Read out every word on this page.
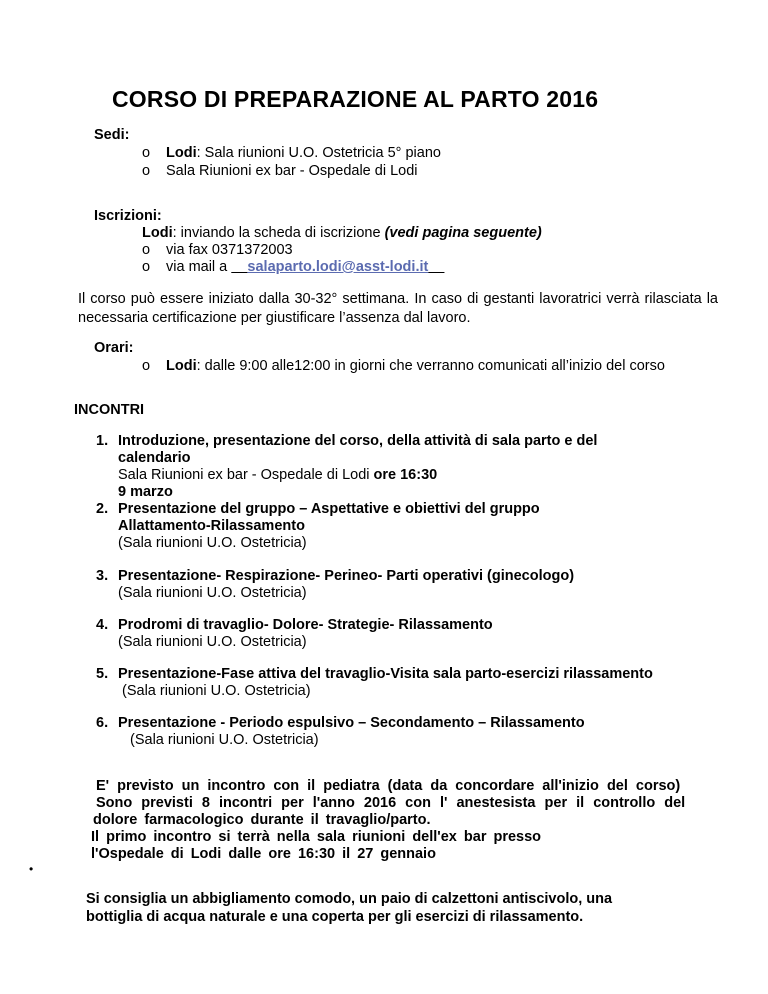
CORSO DI PREPARAZIONE AL PARTO 2016
Sedi:
o Lodi: Sala riunioni U.O. Ostetricia 5° piano
o Sala Riunioni ex bar - Ospedale di Lodi
Iscrizioni:
Lodi: inviando la scheda di iscrizione (vedi pagina seguente)
o via fax 0371372003
o via mail a     salaparto.lodi@asst-lodi.it
Il corso può essere iniziato dalla 30-32° settimana. In caso di gestanti lavoratrici verrà rilasciata la necessaria certificazione per giustificare l’assenza dal lavoro.
Orari:
o Lodi: dalle 9:00 alle12:00 in giorni che verranno comunicati all’inizio del corso
INCONTRI
1. Introduzione, presentazione del corso, della attività di sala parto e del
calendario
Sala Riunioni ex bar - Ospedale di Lodi ore 16:30
9 marzo
2. Presentazione del gruppo – Aspettative e obiettivi del gruppo
Allattamento-Rilassamento
(Sala riunioni U.O. Ostetricia)
3. Presentazione- Respirazione- Perineo- Parti operativi (ginecologo)
(Sala riunioni U.O. Ostetricia)
4. Prodromi di travaglio- Dolore- Strategie- Rilassamento
(Sala riunioni U.O. Ostetricia)
5. Presentazione-Fase attiva del travaglio-Visita sala parto-esercizi rilassamento
(Sala riunioni U.O. Ostetricia)
6. Presentazione - Periodo espulsivo – Secondamento – Rilassamento
(Sala riunioni U.O. Ostetricia)
E' previsto un incontro con il pediatra (data da concordare all'inizio del corso)
Sono previsti 8 incontri per l'anno 2016 con l' anestesista per il controllo del
dolore farmacologico durante il travaglio/parto.
Il primo incontro si terrà nella sala riunioni dell'ex bar presso
l'Ospedale di Lodi dalle ore 16:30 il 27 gennaio
•
Si consiglia un abbigliamento comodo, un paio di calzettoni antiscivolo, una
bottiglia di acqua naturale e una coperta per gli esercizi di rilassamento.
